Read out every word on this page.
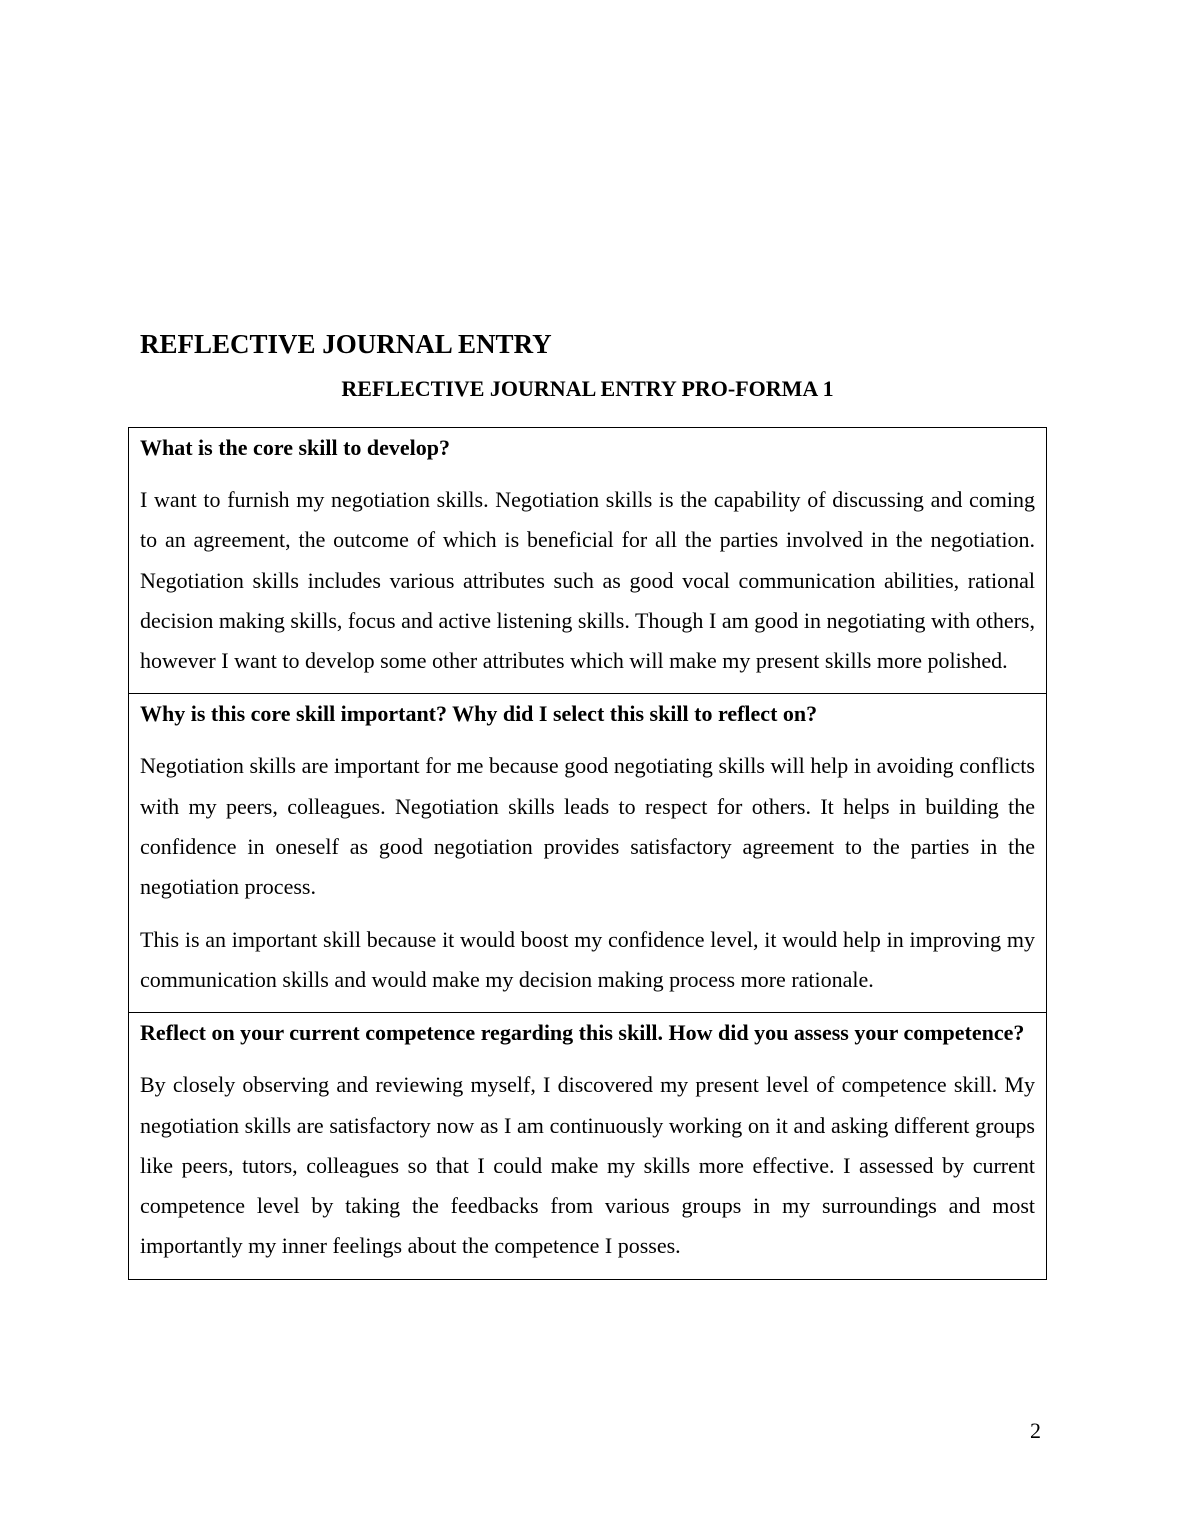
REFLECTIVE JOURNAL ENTRY
REFLECTIVE JOURNAL ENTRY PRO-FORMA 1

What is the core skill to develop?

I want to furnish my negotiation skills. Negotiation skills is the capability of discussing and coming to an agreement, the outcome of which is beneficial for all the parties involved in the negotiation. Negotiation skills includes various attributes such as good vocal communication abilities, rational decision making skills, focus and active listening skills. Though I am good in negotiating with others, however I want to develop some other attributes which will make my present skills more polished.

Why is this core skill important? Why did I select this skill to reflect on?

Negotiation skills are important for me because good negotiating skills will help in avoiding conflicts with my peers, colleagues. Negotiation skills leads to respect for others. It helps in building the confidence in oneself as good negotiation provides satisfactory agreement to the parties in the negotiation process.

This is an important skill because it would boost my confidence level, it would help in improving my communication skills and would make my decision making process more rationale.

Reflect on your current competence regarding this skill. How did you assess your competence?

By closely observing and reviewing myself, I discovered my present level of competence skill. My negotiation skills are satisfactory now as I am continuously working on it and asking different groups like peers, tutors, colleagues so that I could make my skills more effective. I assessed by current competence level by taking the feedbacks from various groups in my surroundings and most importantly my inner feelings about the competence I posses.

2
